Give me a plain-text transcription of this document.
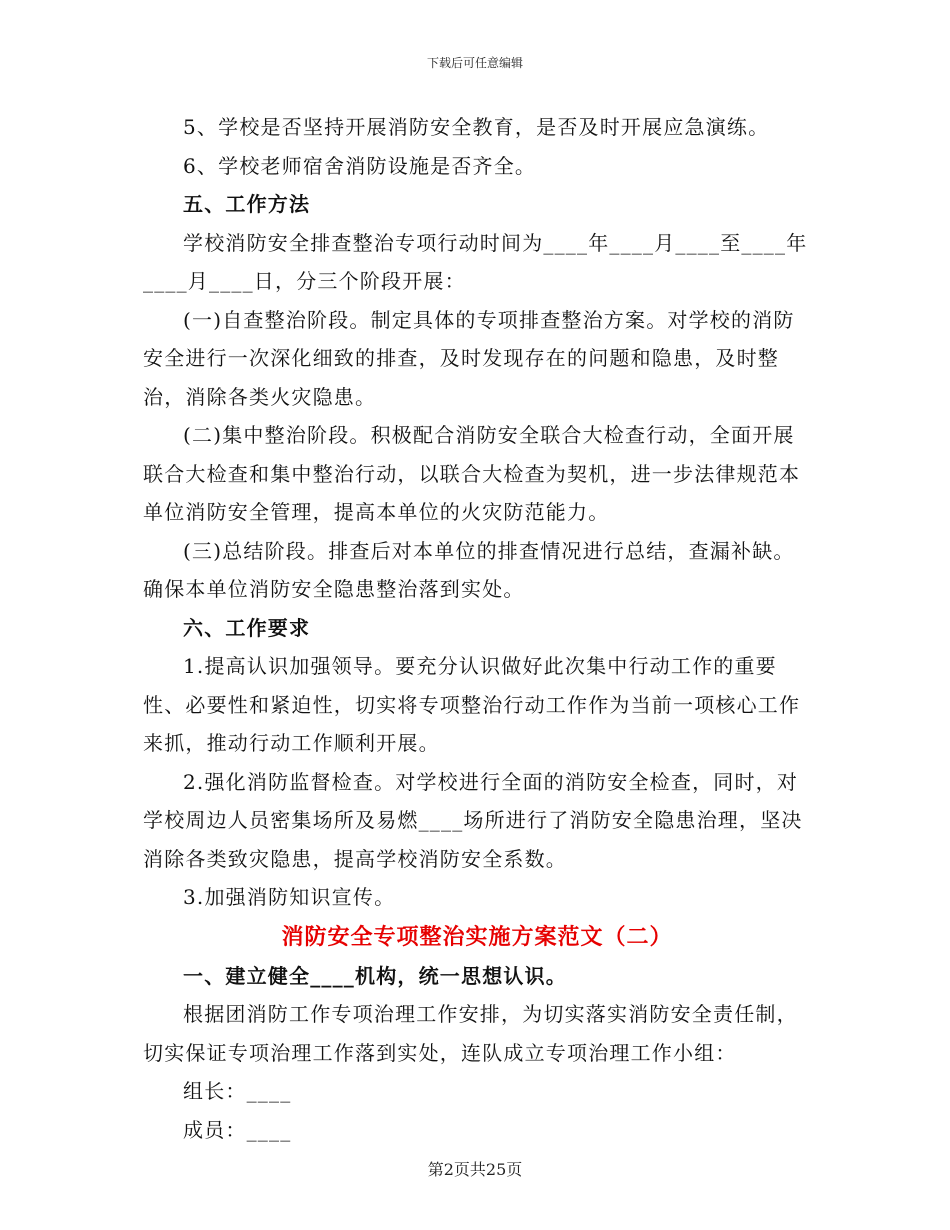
下载后可任意编辑

5、学校是否坚持开展消防安全教育，是否及时开展应急演练。

6、学校老师宿舍消防设施是否齐全。

五、工作方法

学校消防安全排查整治专项行动时间为____年____月____至____年____月____日，分三个阶段开展：

(一)自查整治阶段。制定具体的专项排查整治方案。对学校的消防安全进行一次深化细致的排查，及时发现存在的问题和隐患，及时整治，消除各类火灾隐患。

(二)集中整治阶段。积极配合消防安全联合大检查行动，全面开展联合大检查和集中整治行动，以联合大检查为契机，进一步法律规范本单位消防安全管理，提高本单位的火灾防范能力。

(三)总结阶段。排查后对本单位的排查情况进行总结，查漏补缺。确保本单位消防安全隐患整治落到实处。

六、工作要求

1.提高认识加强领导。要充分认识做好此次集中行动工作的重要性、必要性和紧迫性，切实将专项整治行动工作作为当前一项核心工作来抓，推动行动工作顺利开展。

2.强化消防监督检查。对学校进行全面的消防安全检查，同时，对学校周边人员密集场所及易燃____场所进行了消防安全隐患治理，坚决消除各类致灾隐患，提高学校消防安全系数。

3.加强消防知识宣传。

消防安全专项整治实施方案范文（二）

一、建立健全____机构，统一思想认识。

根据团消防工作专项治理工作安排，为切实落实消防安全责任制，切实保证专项治理工作落到实处，连队成立专项治理工作小组：

组长：____

成员：____

第2页共25页
